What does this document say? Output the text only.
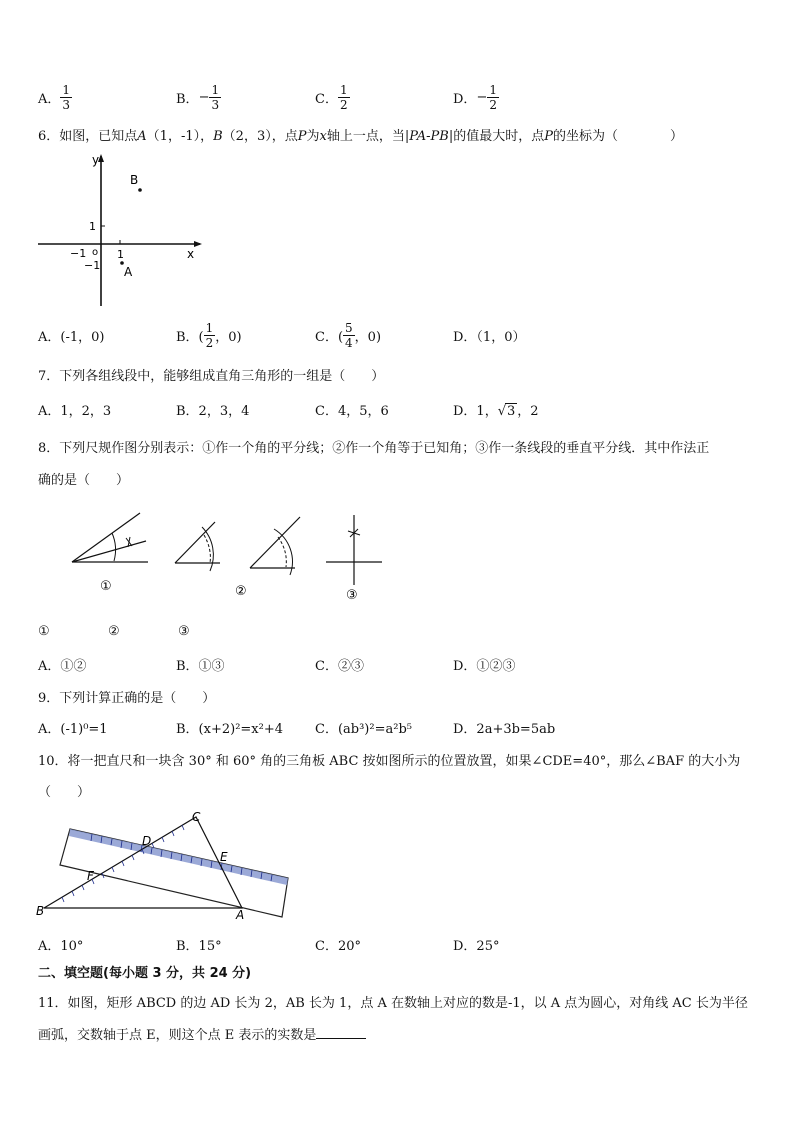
A． $\frac{1}{3}$	B． − $\frac{1}{3}$	C． $\frac{1}{2}$	D． − $\frac{1}{2}$
6．如图，已知点A（1，-1），B（2，3），点P为x轴上一点，当|PA-PB|的值最大时，点P的坐标为（　　　　）
y
x
1
1
−1 o
−1
B
A
A．(-1，0)	B．( $\frac{1}{2}$ ，0)	C．( $\frac{5}{4}$ ，0)	D．（1，0）
7．下列各组线段中，能够组成直角三角形的一组是（　　）
A．1，2，3	B．2，3，4	C．4，5，6	D．1，√3 ，2
8．下列尺规作图分别表示：①作一个角的平分线；②作一个角等于已知角；③作一条线段的垂直平分线．其中作法正
确的是（　　）
①	②	③
①	②	③
A．①②	B．①③	C．②③	D．①②③
9．下列计算正确的是（　　）
A．(-1)⁰=1	B．(x+2)²=x²+4 C．(ab³)²=a²b⁵	D．2a+3b=5ab
10．将一把直尺和一块含 30° 和 60° 角的三角板 ABC 按如图所示的位置放置，如果∠CDE=40°，那么∠BAF 的大小为
（　　）
C
D
E
F
B	A
A．10°	B．15°	C．20°	D．25°
二、填空题(每小题 3 分，共 24 分)
11．如图，矩形 ABCD 的边 AD 长为 2，AB 长为 1，点 A 在数轴上对应的数是-1，以 A 点为圆心，对角线 AC 长为半径
画弧，交数轴于点 E，则这个点 E 表示的实数是
